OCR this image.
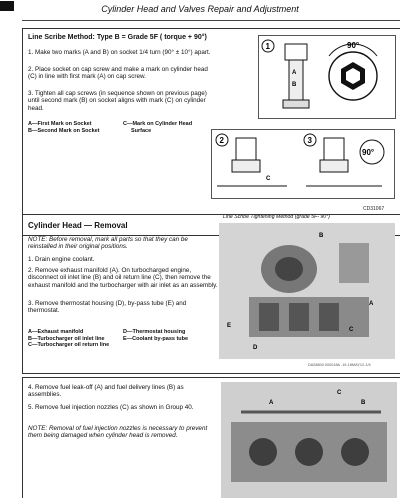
Cylinder Head and Valves Repair and Adjustment
Line Scribe Method: Type B = Grade 5F ( torque + 90°)
1. Make two marks (A and B) on socket 1/4 turn (90° ± 10°) apart.
2. Place socket on cap screw and make a mark on cylinder head (C) in line with first mark (A) on cap screw.
3. Tighten all cap screws (in sequence shown on previous page) until second mark (B) on socket aligns with mark (C) on cylinder head.
A—First Mark on Socket
B—Second Mark on Socket
C—Mark on Cylinder Head
Surface
1
A
B
90°
2
C
3
90°
CD31067
Line Scribe Tightening Method (grade 5F- 90°)
Cylinder Head — Removal
NOTE: Before removal, mark all parts so that they can be reinstalled in their original positions.
1. Drain engine coolant.
2. Remove exhaust manifold (A). On turbocharged engine, disconnect oil inlet line (B) and oil return line (C), then remove the exhaust manifold and the turbocharger with air inlet as an assembly.
3. Remove thermostat housing (D), by-pass tube (E) and thermostat.
A—Exhaust manifold
B—Turbocharger oil inlet line
C—Turbocharger oil return line
D—Thermostat housing
E—Coolant by-pass tube
B
A
C
D
E
DA28800.000018A -19-18MAY12-1/4
4. Remove fuel leak-off (A) and fuel delivery lines (B) as assemblies.
5. Remove fuel injection nozzles (C) as shown in Group 40.
NOTE: Removal of fuel injection nozzles is necessary to prevent them being damaged when cylinder head is removed.
A
C
B
